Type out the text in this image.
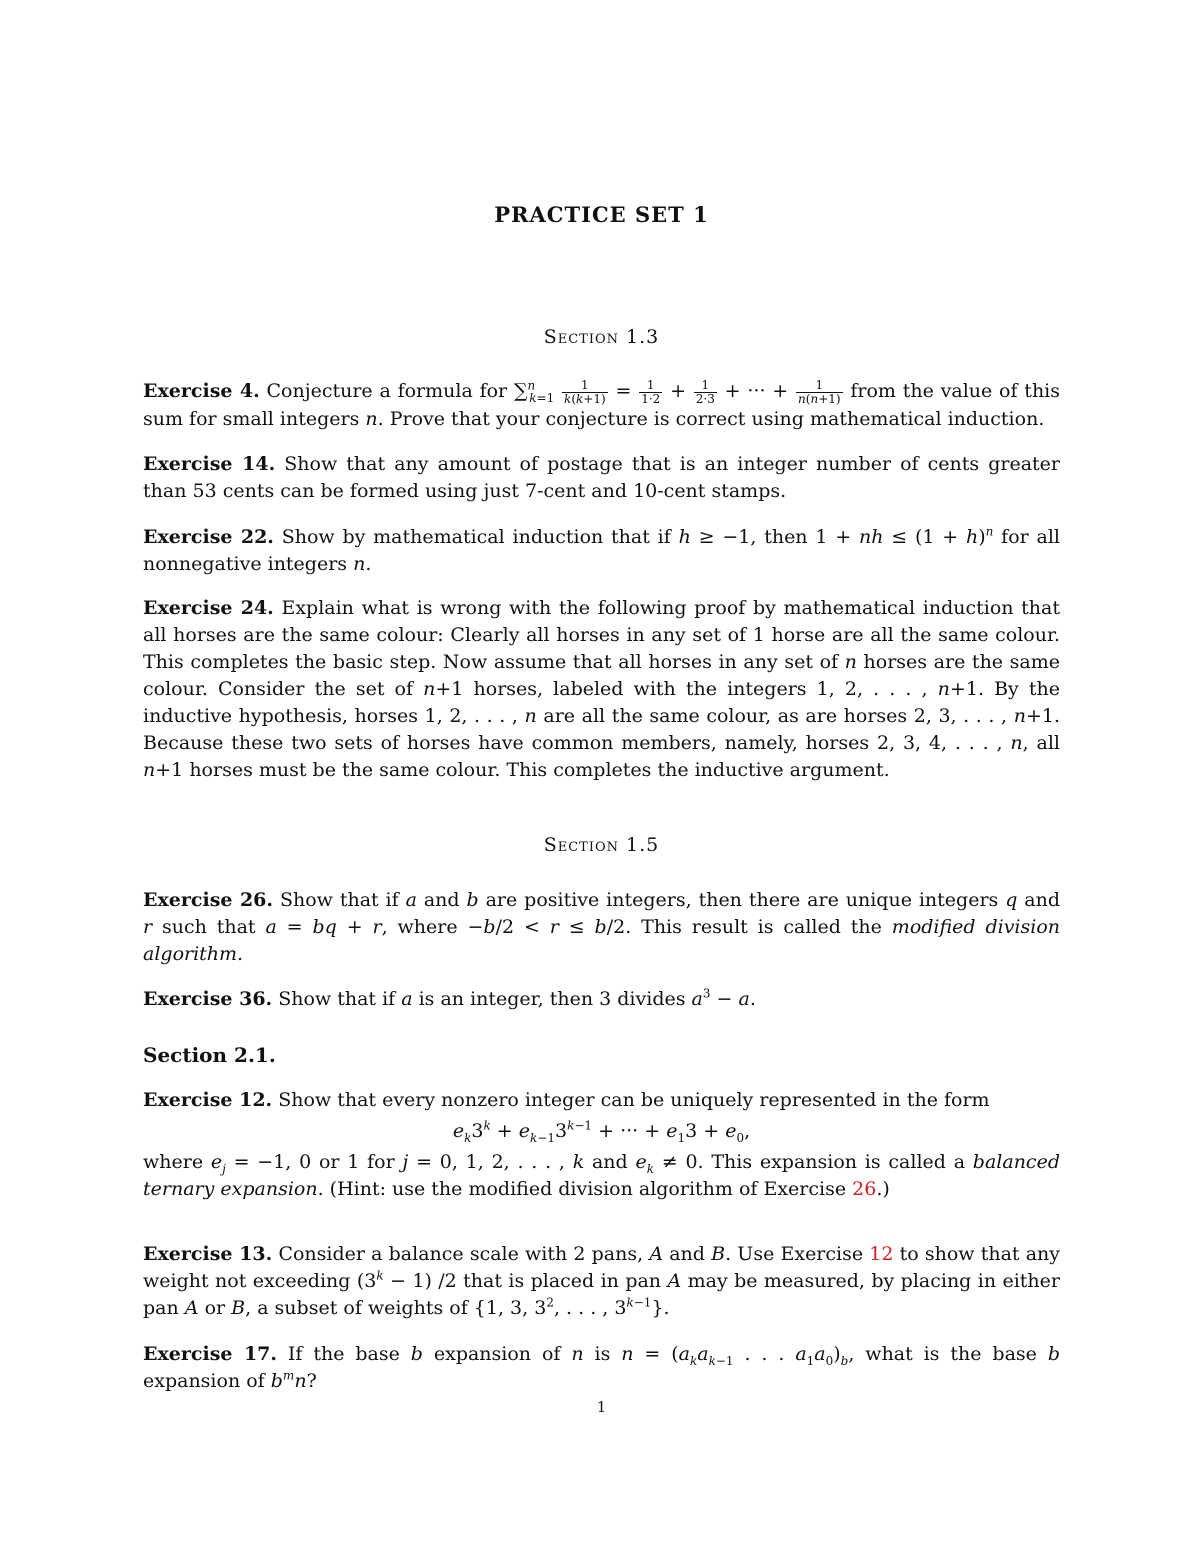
PRACTICE SET 1
Section 1.3
Exercise 4. Conjecture a formula for $\sum^n_{k=1} \frac{1}{k(k+1)} = \frac{1}{1\cdot 2} + \frac{1}{2\cdot 3}$ + ··· + $\frac{1}{n(n+1)}$ from the value of this sum for small integers n. Prove that your conjecture is correct using mathematical induction.
Exercise 14. Show that any amount of postage that is an integer number of cents greater than 53 cents can be formed using just 7-cent and 10-cent stamps.
Exercise 22. Show by mathematical induction that if h ≥ −1, then 1 + nh ≤ $(1 + h)^n$ for all nonnegative integers n.
Exercise 24. Explain what is wrong with the following proof by mathematical induction that all horses are the same colour: Clearly all horses in any set of 1 horse are all the same colour. This completes the basic step. Now assume that all horses in any set of n horses are the same colour. Consider the set of n+1 horses, labeled with the integers 1, 2, . . . , n+1. By the inductive hypothesis, horses 1, 2, . . . , n are all the same colour, as are horses 2, 3, . . . , n+1. Because these two sets of horses have common members, namely, horses 2, 3, 4, . . . , n, all n+1 horses must be the same colour. This completes the inductive argument.
Section 1.5
Exercise 26. Show that if a and b are positive integers, then there are unique integers q and r such that a = bq + r, where −b/2 < r ≤ b/2. This result is called the modified division algorithm.
Exercise 36. Show that if a is an integer, then 3 divides $a^3 - a$.
Section 2.1.
Exercise 12. Show that every nonzero integer can be uniquely represented in the form
$e_k3^k + e_{k-1}3^{k-1}$ + ··· + $e_13 + e_0$,
where $e_j = -1$, 0 or 1 for j = 0, 1, 2, . . . , k and $e_k \ne 0$. This expansion is called a balanced ternary expansion. (Hint: use the modified division algorithm of Exercise 26.)
Exercise 13. Consider a balance scale with 2 pans, A and B. Use Exercise 12 to show that any weight not exceeding $(3^k - 1)$ /2 that is placed in pan A may be measured, by placing in either pan A or B, a subset of weights of {1, 3, $3^2$, . . . , $3^{k-1}$}.
Exercise 17. If the base b expansion of n is $n = (a_ka_{k-1}$ . . . $a_1a_0)_b$, what is the base b expansion of $b^mn$?
1
